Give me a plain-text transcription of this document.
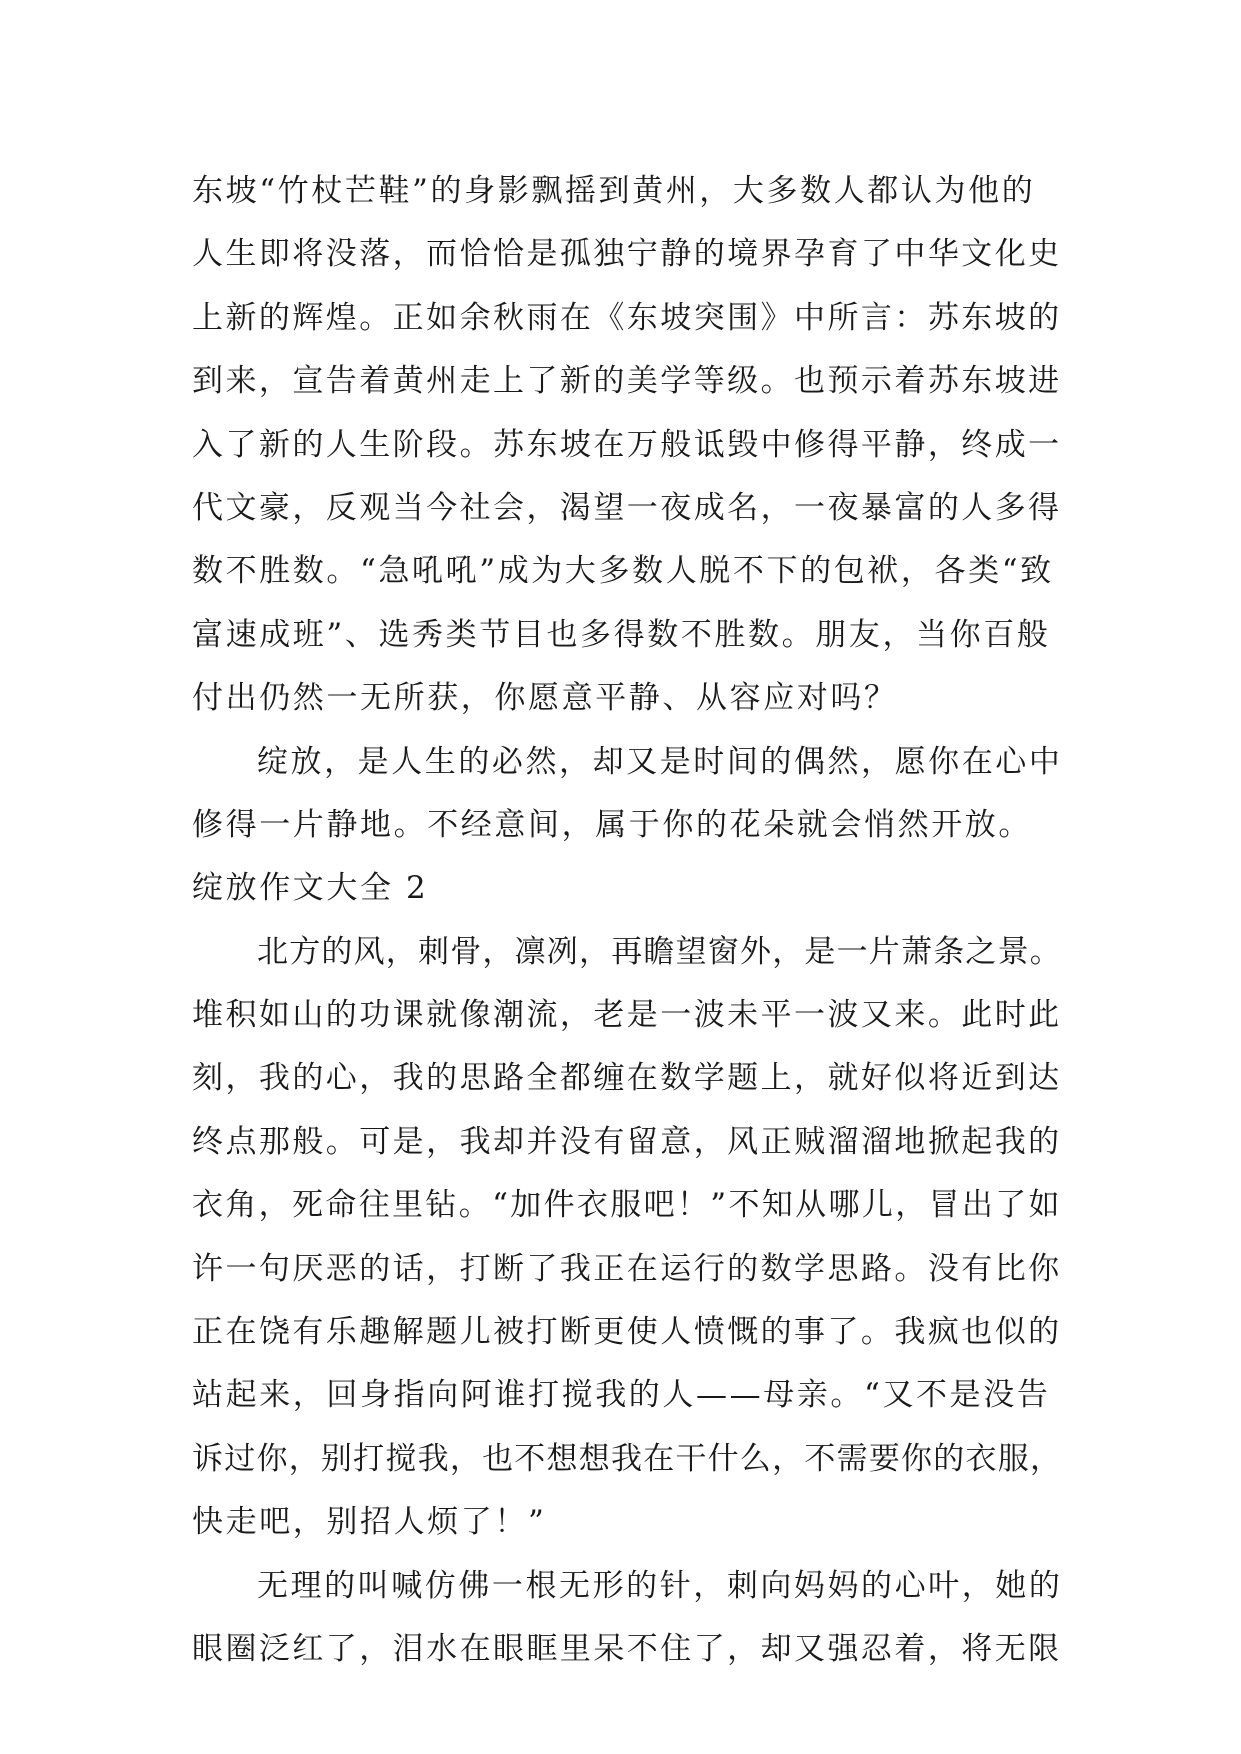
东坡“竹杖芒鞋”的身影飘摇到黄州，大多数人都认为他的
人生即将没落，而恰恰是孤独宁静的境界孕育了中华文化史
上新的辉煌。正如余秋雨在《东坡突围》中所言：苏东坡的
到来，宣告着黄州走上了新的美学等级。也预示着苏东坡进
入了新的人生阶段。苏东坡在万般诋毁中修得平静，终成一
代文豪，反观当今社会，渴望一夜成名，一夜暴富的人多得
数不胜数。“急吼吼”成为大多数人脱不下的包袱，各类“致
富速成班”、选秀类节目也多得数不胜数。朋友，当你百般
付出仍然一无所获，你愿意平静、从容应对吗？
绽放，是人生的必然，却又是时间的偶然，愿你在心中
修得一片静地。不经意间，属于你的花朵就会悄然开放。
绽放作文大全 2
北方的风，刺骨，凛冽，再瞻望窗外，是一片萧条之景。
堆积如山的功课就像潮流，老是一波未平一波又来。此时此
刻，我的心，我的思路全都缠在数学题上，就好似将近到达
终点那般。可是，我却并没有留意，风正贼溜溜地掀起我的
衣角，死命往里钻。“加件衣服吧！”不知从哪儿，冒出了如
许一句厌恶的话，打断了我正在运行的数学思路。没有比你
正在饶有乐趣解题儿被打断更使人愤慨的事了。我疯也似的
站起来，回身指向阿谁打搅我的人——母亲。“又不是没告
诉过你，别打搅我，也不想想我在干什么，不需要你的衣服，
快走吧，别招人烦了！”
无理的叫喊仿佛一根无形的针，刺向妈妈的心叶，她的
眼圈泛红了，泪水在眼眶里呆不住了，却又强忍着，将无限
